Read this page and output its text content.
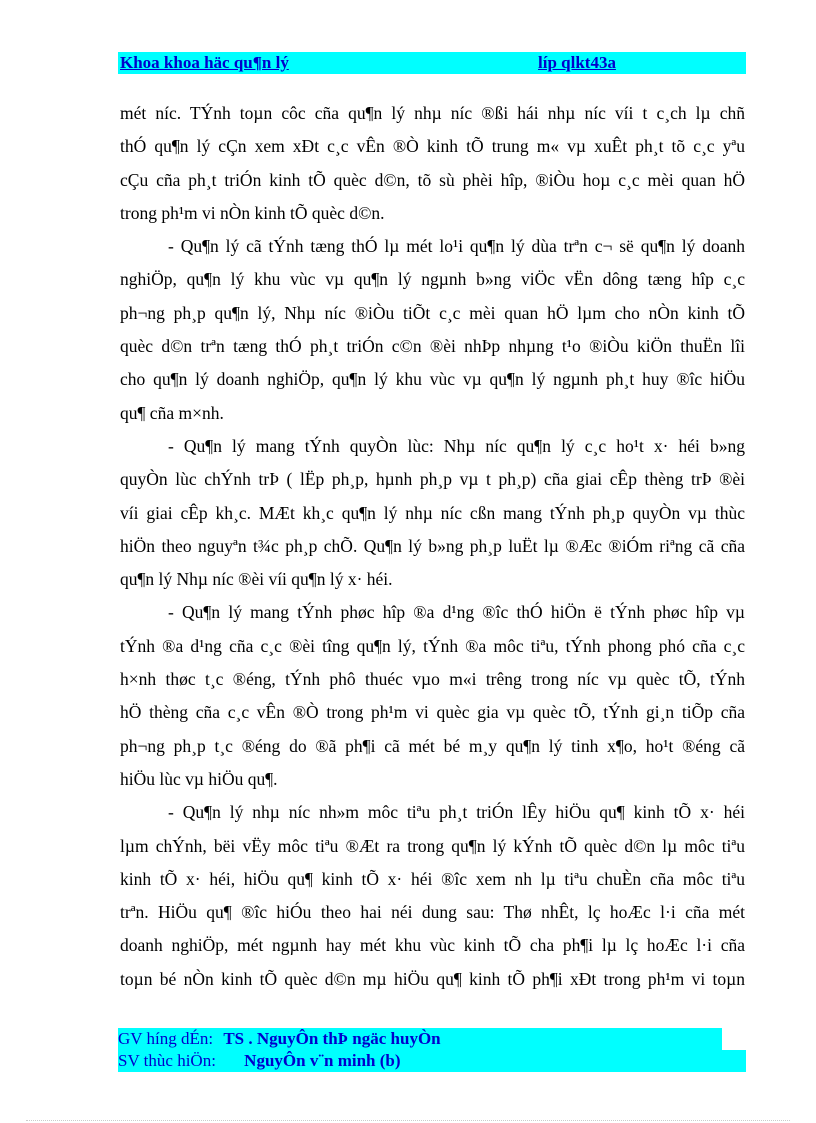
Khoa khoa häc qu¶n lý	líp qlkt43a
mét níc. TÝnh toµn côc cña qu¶n lý nhµ níc ®ßi hái nhµ níc víi t c¸ch lµ chñ
thÓ qu¶n lý cÇn xem xÐt c¸c vÊn ®Ò kinh tÕ trung m« vµ xuÊt ph¸t tõ c¸c yªu
cÇu cña ph¸t triÓn kinh tÕ quèc d©n, tõ sù phèi hîp, ®iÒu hoµ c¸c mèi quan hÖ
trong ph¹m vi nÒn kinh tÕ quèc d©n.
- Qu¶n lý cã tÝnh tæng thÓ lµ mét lo¹i qu¶n lý dùa trªn c¬ së qu¶n lý doanh
nghiÖp, qu¶n lý khu vùc vµ qu¶n lý ngµnh b»ng viÖc vËn dông tæng hîp c¸c
ph¬ng ph¸p qu¶n lý, Nhµ níc ®iÒu tiÕt c¸c mèi quan hÖ lµm cho nÒn kinh tÕ
quèc d©n trªn tæng thÓ ph¸t triÓn c©n ®èi nhÞp nhµng t¹o ®iÒu kiÖn thuËn lîi
cho qu¶n lý doanh nghiÖp, qu¶n lý khu vùc vµ qu¶n lý ngµnh ph¸t huy ®îc hiÖu
qu¶ cña m×nh.
- Qu¶n lý mang tÝnh quyÒn lùc: Nhµ níc qu¶n lý c¸c ho¹t x· héi b»ng
quyÒn lùc chÝnh trÞ ( lËp ph¸p, hµnh ph¸p vµ t ph¸p) cña giai cÊp thèng trÞ ®èi
víi giai cÊp kh¸c. MÆt kh¸c qu¶n lý nhµ níc cßn mang tÝnh ph¸p quyÒn vµ thùc
hiÖn theo nguyªn t¾c ph¸p chÕ. Qu¶n lý b»ng ph¸p luËt lµ ®Æc ®iÓm riªng cã cña
qu¶n lý Nhµ níc ®èi víi qu¶n lý x· héi.
- Qu¶n lý mang tÝnh phøc hîp ®a d¹ng ®îc thÓ hiÖn ë tÝnh phøc hîp vµ
tÝnh ®a d¹ng cña c¸c ®èi tîng qu¶n lý, tÝnh ®a môc tiªu, tÝnh phong phó cña c¸c
h×nh thøc t¸c ®éng, tÝnh phô thuéc vµo m«i trêng trong níc vµ quèc tÕ, tÝnh
hÖ thèng cña c¸c vÊn ®Ò trong ph¹m vi quèc gia vµ quèc tÕ, tÝnh gi¸n tiÕp cña
ph¬ng ph¸p t¸c ®éng do ®ã ph¶i cã mét bé m¸y qu¶n lý tinh x¶o, ho¹t ®éng cã
hiÖu lùc vµ hiÖu qu¶.
- Qu¶n lý nhµ níc nh»m môc tiªu ph¸t triÓn lÊy hiÖu qu¶ kinh tÕ x· héi
lµm chÝnh, bëi vËy môc tiªu ®Æt ra trong qu¶n lý kÝnh tÕ quèc d©n lµ môc tiªu
kinh tÕ x· héi, hiÖu qu¶ kinh tÕ x· héi ®îc xem nh lµ tiªu chuÈn cña môc tiªu
trªn. HiÖu qu¶ ®îc hiÓu theo hai néi dung sau: Thø nhÊt, lç hoÆc l·i cña mét
doanh nghiÖp, mét ngµnh hay mét khu vùc kinh tÕ cha ph¶i lµ lç hoÆc l·i cña
toµn bé nÒn kinh tÕ quèc d©n mµ hiÖu qu¶ kinh tÕ ph¶i xÐt trong ph¹m vi toµn
GV híng dÉn: TS . NguyÔn thÞ ngäc huyÒn
SV thùc hiÖn: NguyÔn v¨n minh (b)
